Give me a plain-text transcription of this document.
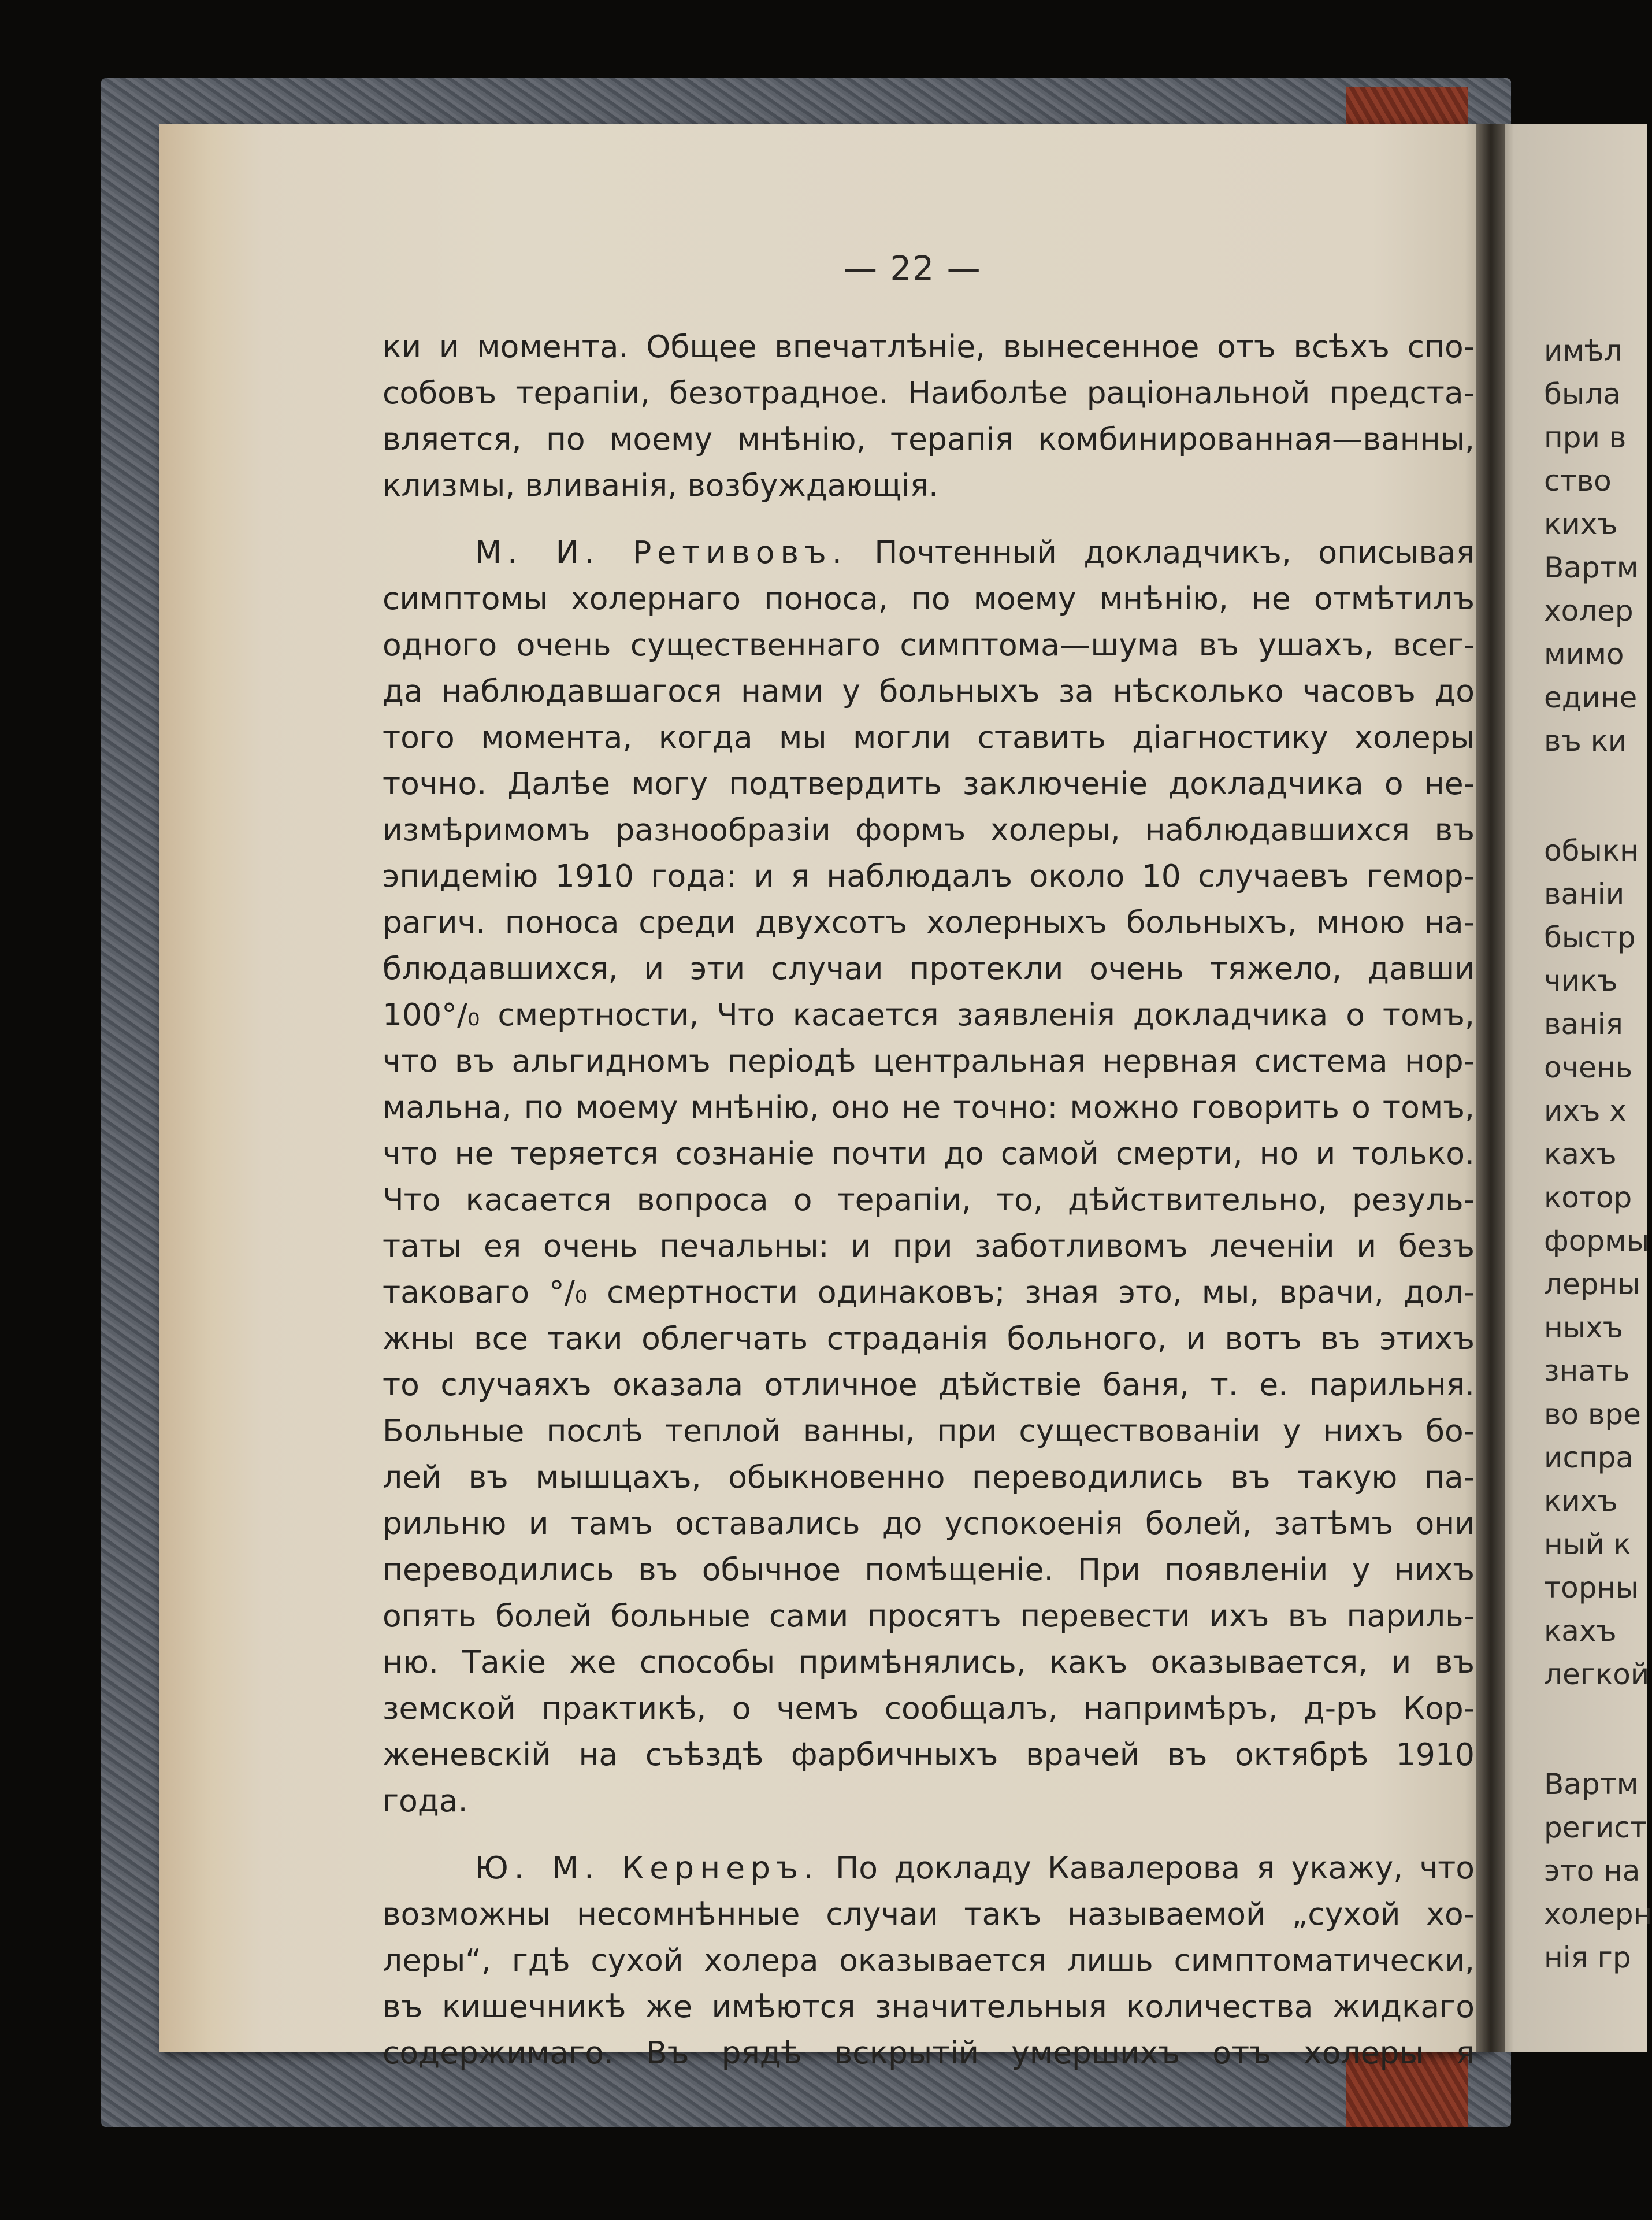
— 22 —
ки и момента. Общее впечатлѣніе, вынесенное отъ всѣхъ спо-
собовъ терапіи, безотрадное. Наиболѣе раціональной предста-
вляется, по моему мнѣнію, терапія комбинированная—ванны,
клизмы, вливанія, возбуждающія.
М. И. Ретивовъ. Почтенный докладчикъ, описывая
симптомы холернаго поноса, по моему мнѣнію, не отмѣтилъ
одного очень существеннаго симптома—шума въ ушахъ, всег-
да наблюдавшагося нами у больныхъ за нѣсколько часовъ до
того момента, когда мы могли ставить діагностику холеры
точно. Далѣе могу подтвердить заключеніе докладчика о не-
измѣримомъ разнообразіи формъ холеры, наблюдавшихся въ
эпидемію 1910 года: и я наблюдалъ около 10 случаевъ гемор-
рагич. поноса среди двухсотъ холерныхъ больныхъ, мною на-
блюдавшихся, и эти случаи протекли очень тяжело, давши
100°/₀ смертности, Что касается заявленія докладчика о томъ,
что въ альгидномъ періодѣ центральная нервная система нор-
мальна, по моему мнѣнію, оно не точно: можно говорить о томъ,
что не теряется сознаніе почти до самой смерти, но и только.
Что касается вопроса о терапіи, то, дѣйствительно, резуль-
таты ея очень печальны: и при заботливомъ леченіи и безъ
таковаго °/₀ смертности одинаковъ; зная это, мы, врачи, дол-
жны все таки облегчать страданія больного, и вотъ въ этихъ
то случаяхъ оказала отличное дѣйствіе баня, т. е. парильня.
Больные послѣ теплой ванны, при существованіи у нихъ бо-
лей въ мышцахъ, обыкновенно переводились въ такую па-
рильню и тамъ оставались до успокоенія болей, затѣмъ они
переводились въ обычное помѣщеніе. При появленіи у нихъ
опять болей больные сами просятъ перевести ихъ въ париль-
ню. Такіе же способы примѣнялись, какъ оказывается, и въ
земской практикѣ, о чемъ сообщалъ, напримѣръ, д-ръ Кор-
женевскій на съѣздѣ фарбичныхъ врачей въ октябрѣ 1910
года.
Ю. М. Кернеръ. По докладу Кавалерова я укажу, что
возможны несомнѣнные случаи такъ называемой „сухой хо-
леры“, гдѣ сухой холера оказывается лишь симптоматически,
въ кишечникѣ же имѣются значительныя количества жидкаго
содержимаго. Въ рядѣ вскрытій умершихъ отъ холеры я
имѣл
была
при в
ство
кихъ
Вартм
холер
мимо
едине
въ ки
обыкн
ваніи
быстр
чикъ
ванія
очень
ихъ х
кахъ
котор
формы
лерны
ныхъ
знать
во вре
испра
кихъ
ный к
торны
кахъ
легкой
Вартм
регист
это на
холерн
нія гр
